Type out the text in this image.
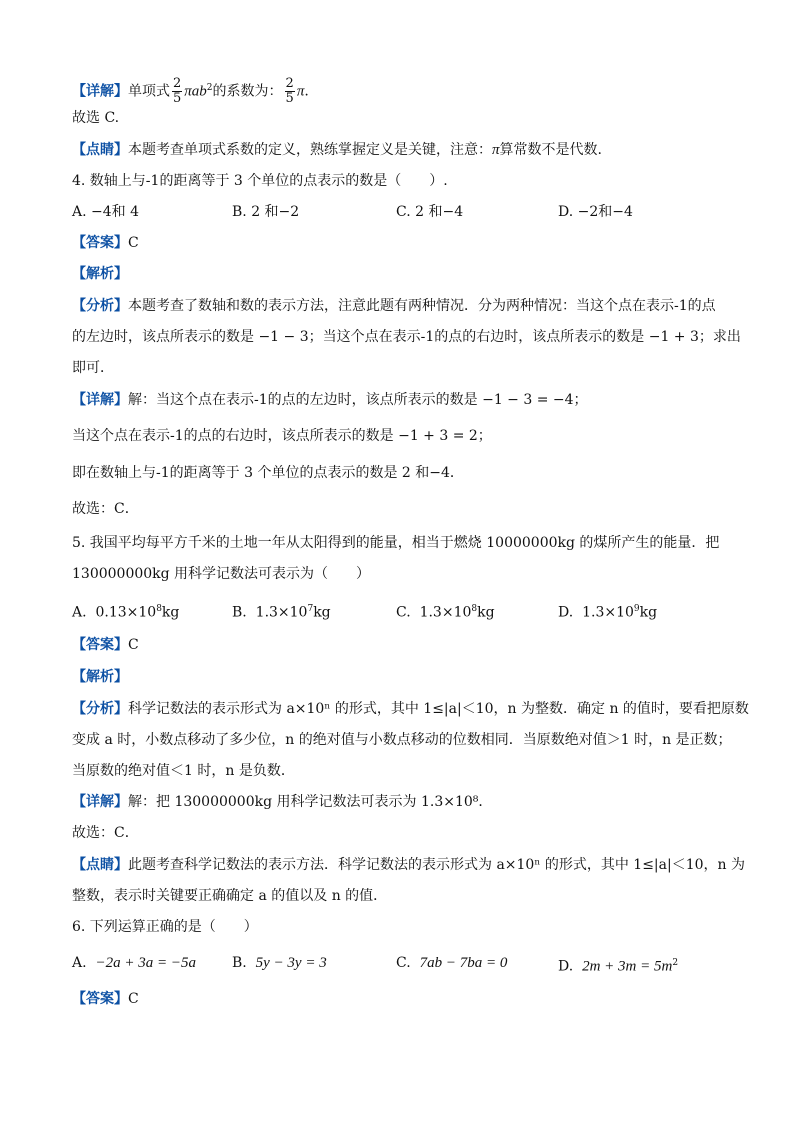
【详解】单项式 $\frac{2}{5} \pi ab^2$的系数为： $\frac{2}{5} \pi$.
故选 C.
【点睛】本题考查单项式系数的定义，熟练掌握定义是关键，注意：π算常数不是代数.
4. 数轴上与-1的距离等于 3 个单位的点表示的数是（　　）.
A. −4和 4	B. 2 和−2	C. 2 和−4	D. −2和−4
【答案】C
【解析】
【分析】本题考查了数轴和数的表示方法，注意此题有两种情况．分为两种情况：当这个点在表示-1的点
的左边时，该点所表示的数是 −1 − 3；当这个点在表示-1的点的右边时，该点所表示的数是 −1 + 3；求出
即可．
【详解】解：当这个点在表示-1的点的左边时，该点所表示的数是 −1 − 3 = −4；
当这个点在表示-1的点的右边时，该点所表示的数是 −1 + 3 = 2；
即在数轴上与-1的距离等于 3 个单位的点表示的数是 2 和−4．
故选：C．
5. 我国平均每平方千米的土地一年从太阳得到的能量，相当于燃烧 10000000kg 的煤所产生的能量．把
130000000kg 用科学记数法可表示为（　　）
A. $0.13\times 10^8kg$	B. $1.3\times 10^7kg$	C. $1.3\times 10^8kg$	D. $1.3\times 10^9kg$
【答案】C
【解析】
【分析】科学记数法的表示形式为 a×10ⁿ 的形式，其中 1≤|a|＜10，n 为整数．确定 n 的值时，要看把原数
变成 a 时，小数点移动了多少位，n 的绝对值与小数点移动的位数相同．当原数绝对值＞1 时，n 是正数；
当原数的绝对值＜1 时，n 是负数．
【详解】解：把 130000000kg 用科学记数法可表示为 1.3×10⁸．
故选：C．
【点睛】此题考查科学记数法的表示方法．科学记数法的表示形式为 a×10ⁿ 的形式，其中 1≤|a|＜10，n 为
整数，表示时关键要正确确定 a 的值以及 n 的值．
6. 下列运算正确的是（　　）
A. −2a + 3a = −5a	B. 5y − 3y = 3	C. 7ab − 7ba = 0	D. $2m + 3m = 5m^2$
【答案】C
